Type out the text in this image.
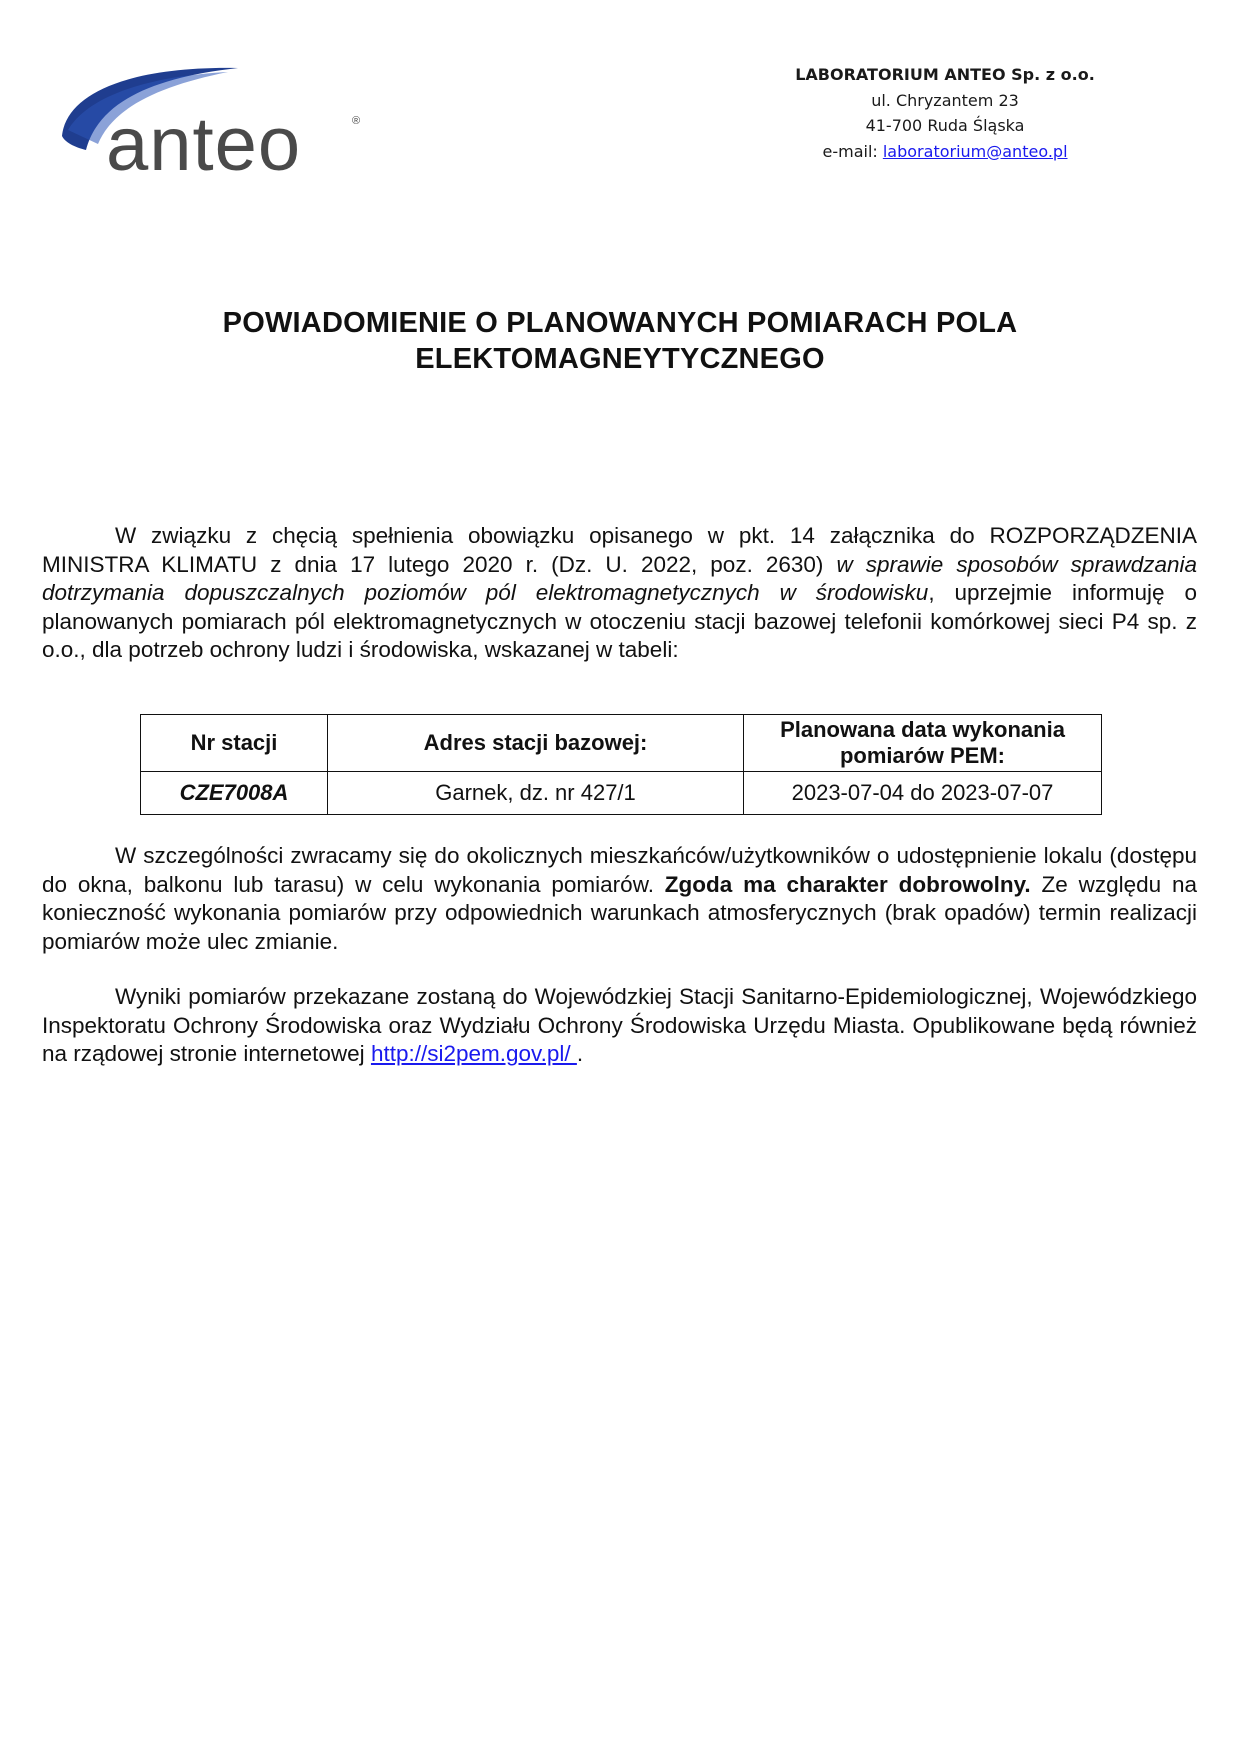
anteo	®
LABORATORIUM ANTEO Sp. z o.o.
ul. Chryzantem 23
41-700 Ruda Śląska
e-mail: laboratorium@anteo.pl
POWIADOMIENIE O PLANOWANYCH POMIARACH POLA
ELEKTOMAGNEYTYCZNEGO
W związku z chęcią spełnienia obowiązku opisanego w pkt. 14 załącznika do ROZPORZĄDZENIA MINISTRA KLIMATU z dnia 17 lutego 2020 r. (Dz. U. 2022, poz. 2630) w sprawie sposobów sprawdzania dotrzymania dopuszczalnych poziomów pól elektromagnetycznych w środowisku, uprzejmie informuję o planowanych pomiarach pól elektromagnetycznych w otoczeniu stacji bazowej telefonii komórkowej sieci P4 sp. z o.o., dla potrzeb ochrony ludzi i środowiska, wskazanej w tabeli:
Nr stacji	Adres stacji bazowej:	Planowana data wykonania pomiarów PEM:
CZE7008A	Garnek, dz. nr 427/1	2023-07-04 do 2023-07-07
W szczególności zwracamy się do okolicznych mieszkańców/użytkowników o udostępnienie lokalu (dostępu do okna, balkonu lub tarasu) w celu wykonania pomiarów. Zgoda ma charakter dobrowolny. Ze względu na konieczność wykonania pomiarów przy odpowiednich warunkach atmosferycznych (brak opadów) termin realizacji pomiarów może ulec zmianie.
Wyniki pomiarów przekazane zostaną do Wojewódzkiej Stacji Sanitarno-Epidemiologicznej, Wojewódzkiego Inspektoratu Ochrony Środowiska oraz Wydziału Ochrony Środowiska Urzędu Miasta. Opublikowane będą również na rządowej stronie internetowej http://si2pem.gov.pl/ .
